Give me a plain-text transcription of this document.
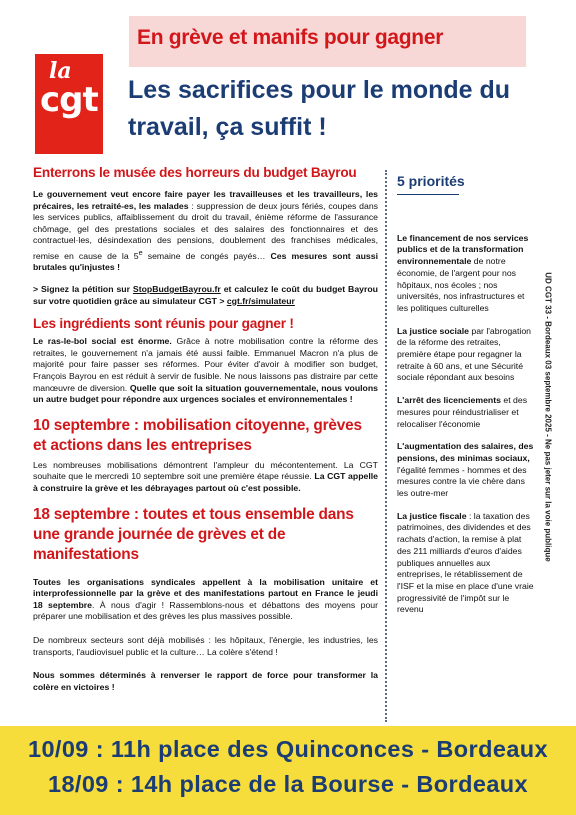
En grève et manifs pour gagner
la
cgt
UD Gironde
Les sacrifices pour le monde du
travail, ça suffit !
Enterrons le musée des horreurs du budget Bayrou

Le gouvernement veut encore faire payer les travailleuses et les travailleurs, les précaires, les retraité-es, les malades : suppression de deux jours fériés, coupes dans les services publics, affaiblissement du droit du travail, énième réforme de l'assurance chômage, gel des prestations sociales et des salaires des fonctionnaires et des contractuel·les, désindexation des pensions, doublement des franchises médicales, remise en cause de la 5e semaine de congés payés… Ces mesures sont aussi brutales qu'injustes !

> Signez la pétition sur StopBudgetBayrou.fr et calculez le coût du budget Bayrou sur votre quotidien grâce au simulateur CGT > cgt.fr/simulateur

Les ingrédients sont réunis pour gagner !

Le ras-le-bol social est énorme. Grâce à notre mobilisation contre la réforme des retraites, le gouvernement n'a jamais été aussi faible. Emmanuel Macron n'a plus de majorité pour faire passer ses réformes. Pour éviter d'avoir à modifier son budget, François Bayrou en est réduit à servir de fusible. Ne nous laissons pas distraire par cette manœuvre de diversion. Quelle que soit la situation gouvernementale, nous voulons un autre budget pour répondre aux urgences sociales et environnementales !

10 septembre : mobilisation citoyenne, grèves et actions dans les entreprises

Les nombreuses mobilisations démontrent l'ampleur du mécontentement. La CGT souhaite que le mercredi 10 septembre soit une première étape réussie. La CGT appelle à construire la grève et les débrayages partout où c'est possible.

18 septembre : toutes et tous ensemble dans une grande journée de grèves et de manifestations

Toutes les organisations syndicales appellent à la mobilisation unitaire et interprofessionnelle par la grève et des manifestations partout en France le jeudi 18 septembre. À nous d'agir ! Rassemblons-nous et débattons des moyens pour préparer une mobilisation et des grèves les plus massives possible.

De nombreux secteurs sont déjà mobilisés : les hôpitaux, l'énergie, les industries, les transports, l'audiovisuel public et la culture… La colère s'étend !

Nous sommes déterminés à renverser le rapport de force pour transformer la colère en victoires !

5 priorités

Le financement de nos services publics et de la transformation environnementale de notre économie, de l'argent pour nos hôpitaux, nos écoles ; nos universités, nos infrastructures et les politiques culturelles

La justice sociale par l'abrogation de la réforme des retraites, première étape pour regagner la retraite à 60 ans, et une Sécurité sociale répondant aux besoins

L'arrêt des licenciements et des mesures pour réindustrialiser et relocaliser l'économie

L'augmentation des salaires, des pensions, des minimas sociaux, l'égalité femmes - hommes et des mesures contre la vie chère dans les outre-mer

La justice fiscale : la taxation des patrimoines, des dividendes et des rachats d'action, la remise à plat des 211 milliards d'euros d'aides publiques annuelles aux entreprises, le rétablissement de l'ISF et la mise en place d'une vraie progressivité de l'impôt sur le revenu

UD CGT 33 - Bordeaux 03 septembre 2025 - Ne pas jeter sur la voie publique
10/09 : 11h place des Quinconces - Bordeaux
18/09 : 14h place de la Bourse - Bordeaux
